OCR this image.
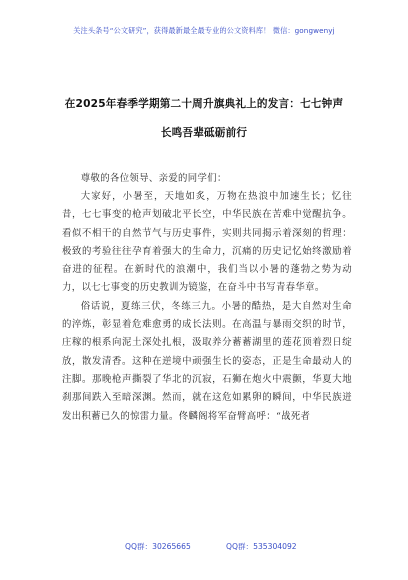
关注头条号“公文研究”，获得最新最全最专业的公文资料库！ 微信：gongwenyj
在2025年春季学期第二十周升旗典礼上的发言：七七钟声
长鸣吾辈砥砺前行
尊敬的各位领导、亲爱的同学们：

大家好，小暑至，天地如炙，万物在热浪中加速生长；忆往昔，七七事变的枪声划破北平长空，中华民族在苦难中觉醒抗争。看似不相干的自然节气与历史事件，实则共同揭示着深刻的哲理：极致的考验往往孕育着强大的生命力，沉痛的历史记忆始终激励着奋进的征程。在新时代的浪潮中，我们当以小暑的蓬勃之势为动力，以七七事变的历史教训为镜鉴，在奋斗中书写青春华章。

俗话说，夏练三伏，冬练三九。小暑的酷热，是大自然对生命的淬炼，彰显着危难愈勇的成长法则。在高温与暴雨交织的时节，庄稼的根系向泥土深处扎根，汲取养分蓄蓄湖里的莲花顶着烈日绽放，散发清香。这种在逆境中顽强生长的姿态，正是生命最动人的注脚。那晚枪声撕裂了华北的沉寂，石狮在炮火中震颤，华夏大地刹那间跌入至暗深渊。然而，就在这危如累卵的瞬间，中华民族迸发出积蓄已久的惊雷力量。佟麟阁将军奋臂高呼：“战死者

QQ群：30265665	QQ群：535304092
